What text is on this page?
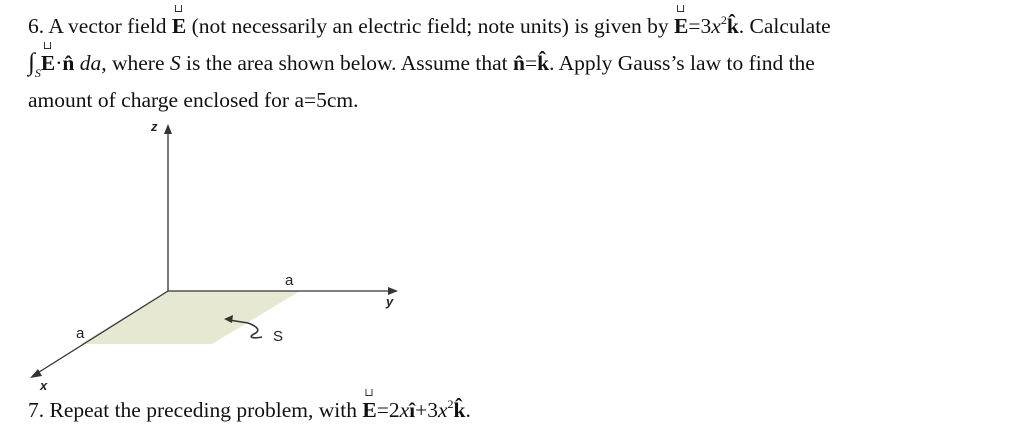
6. A vector field
⊔
E (not necessarily an electric field; note units) is given by
⊔
$E=3x^2k̂$. Calculate
$\int_S$
⊔
E·n̂ da, where S is the area shown below. Assume that n̂=k̂. Apply Gauss’s law to find the
amount of charge enclosed for a=5cm.
z
y
x
a
a	S
7. Repeat the preceding problem, with
⊔
$E=2xî+3x^2k̂$.
